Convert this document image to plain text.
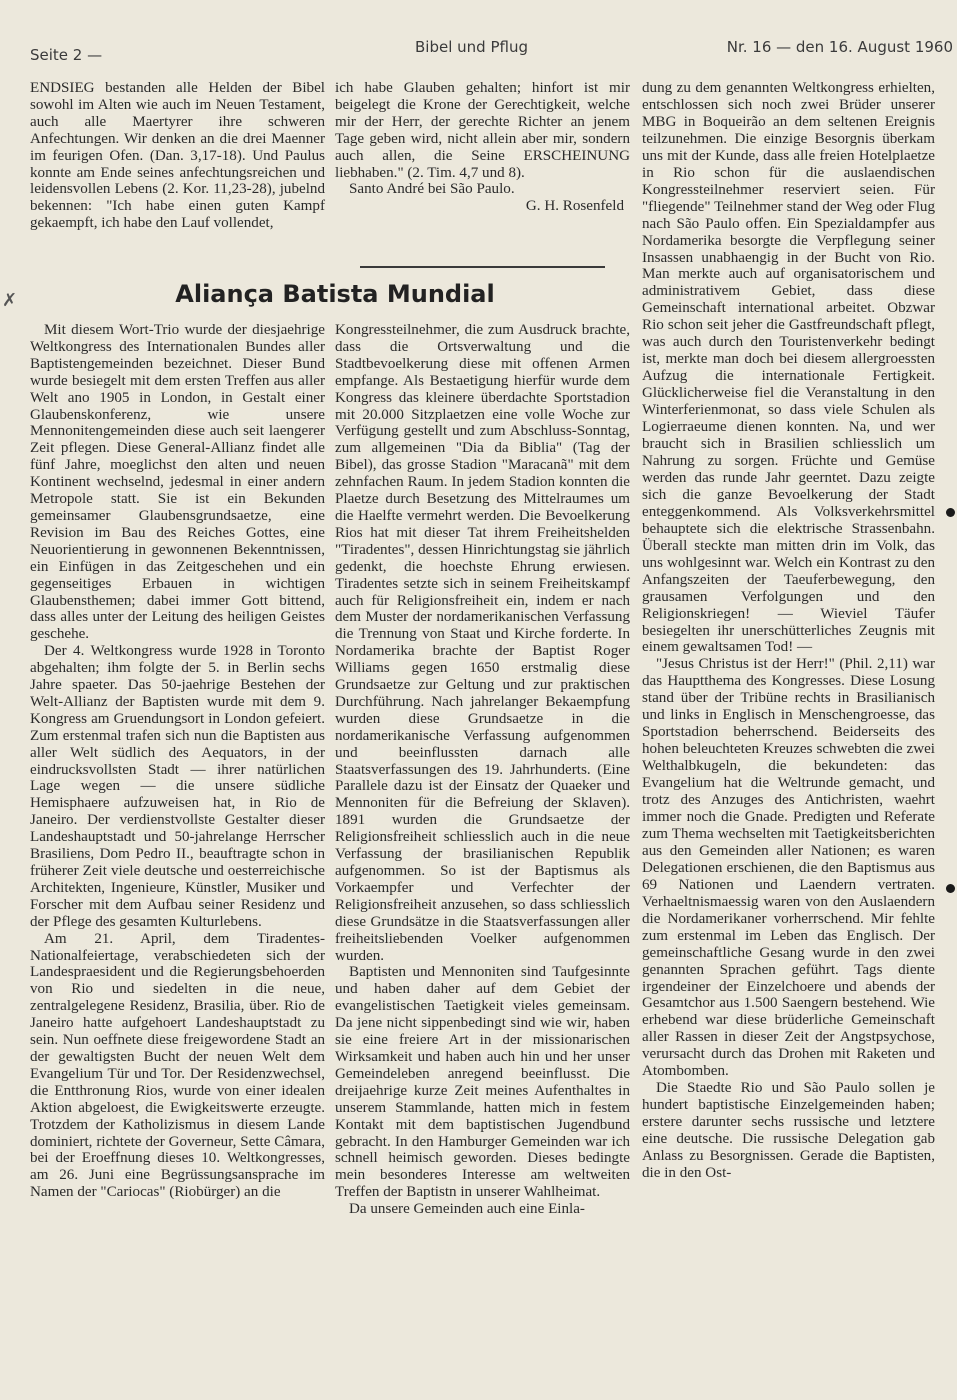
Seite 2 —	Bibel und Pflug	Nr. 16 — den 16. August 1960

ENDSIEG bestanden alle Helden der Bibel sowohl im Alten wie auch im Neuen Testament, auch alle Maertyrer ihre schweren Anfechtungen. Wir denken an die drei Maenner im feurigen Ofen. (Dan. 3,17-18). Und Paulus konnte am Ende seines anfechtungsreichen und leidensvollen Lebens (2. Kor. 11,23-28), jubelnd bekennen: "Ich habe einen guten Kampf gekaempft, ich habe den Lauf vollendet,

ich habe Glauben gehalten; hinfort ist mir beigelegt die Krone der Gerechtigkeit, welche mir der Herr, der gerechte Richter an jenem Tage geben wird, nicht allein aber mir, sondern auch allen, die Seine ERSCHEINUNG liebhaben." (2. Tim. 4,7 und 8).

Santo André bei São Paulo.

G. H. Rosenfeld

✗	Aliança Batista Mundial

Mit diesem Wort-Trio wurde der diesjaehrige Weltkongress des Internationalen Bundes aller Baptistengemeinden bezeichnet. Dieser Bund wurde besiegelt mit dem ersten Treffen aus aller Welt ano 1905 in London, in Gestalt einer Glaubenskonferenz, wie unsere Mennonitengemeinden diese auch seit laengerer Zeit pflegen. Diese General-Allianz findet alle fünf Jahre, moeglichst den alten und neuen Kontinent wechselnd, jedesmal in einer andern Metropole statt. Sie ist ein Bekunden gemeinsamer Glaubensgrundsaetze, eine Revision im Bau des Reiches Gottes, eine Neuorientierung in gewonnenen Bekenntnissen, ein Einfügen in das Zeitgeschehen und ein gegenseitiges Erbauen in wichtigen Glaubensthemen; dabei immer Gott bittend, dass alles unter der Leitung des heiligen Geistes geschehe.

Der 4. Weltkongress wurde 1928 in Toronto abgehalten; ihm folgte der 5. in Berlin sechs Jahre spaeter. Das 50-jaehrige Bestehen der Welt-Allianz der Baptisten wurde mit dem 9. Kongress am Gruendungsort in London gefeiert. Zum erstenmal trafen sich nun die Baptisten aus aller Welt südlich des Aequators, in der eindrucksvollsten Stadt — ihrer natürlichen Lage wegen — die unsere südliche Hemisphaere aufzuweisen hat, in Rio de Janeiro. Der verdienstvollste Gestalter dieser Landeshauptstadt und 50-jahrelange Herrscher Brasiliens, Dom Pedro II., beauftragte schon in früherer Zeit viele deutsche und oesterreichische Architekten, Ingenieure, Künstler, Musiker und Forscher mit dem Aufbau seiner Residenz und der Pflege des gesamten Kulturlebens.

Am 21. April, dem Tiradentes-Nationalfeiertage, verabschiedeten sich der Landespraesident und die Regierungsbehoerden von Rio und siedelten in die neue, zentralgelegene Residenz, Brasilia, über. Rio de Janeiro hatte aufgehoert Landeshauptstadt zu sein. Nun oeffnete diese freigewordene Stadt an der gewaltigsten Bucht der neuen Welt dem Evangelium Tür und Tor. Der Residenzwechsel, die Entthronung Rios, wurde von einer idealen Aktion abgeloest, die Ewigkeitswerte erzeugte. Trotzdem der Katholizismus in diesem Lande dominiert, richtete der Governeur, Sette Câmara, bei der Eroeffnung dieses 10. Weltkongresses, am 26. Juni eine Begrüssungsansprache im Namen der "Cariocas" (Riobürger) an die

Kongressteilnehmer, die zum Ausdruck brachte, dass die Ortsverwaltung und die Stadtbevoelkerung diese mit offenen Armen empfange. Als Bestaetigung hierfür wurde dem Kongress das kleinere überdachte Sportstadion mit 20.000 Sitzplaetzen eine volle Woche zur Verfügung gestellt und zum Abschluss-Sonntag, zum allgemeinen "Dia da Biblia" (Tag der Bibel), das grosse Stadion "Maracanã" mit dem zehnfachen Raum. In jedem Stadion konnten die Plaetze durch Besetzung des Mittelraumes um die Haelfte vermehrt werden. Die Bevoelkerung Rios hat mit dieser Tat ihrem Freiheitshelden "Tiradentes", dessen Hinrichtungstag sie jährlich gedenkt, die hoechste Ehrung erwiesen. Tiradentes setzte sich in seinem Freiheitskampf auch für Religionsfreiheit ein, indem er nach dem Muster der nordamerikanischen Verfassung die Trennung von Staat und Kirche forderte. In Nordamerika brachte der Baptist Roger Williams gegen 1650 erstmalig diese Grundsaetze zur Geltung und zur praktischen Durchführung. Nach jahrelanger Bekaempfung wurden diese Grundsaetze in die nordamerikanische Verfassung aufgenommen und beeinflussten darnach alle Staatsverfassungen des 19. Jahrhunderts. (Eine Parallele dazu ist der Einsatz der Quaeker und Mennoniten für die Befreiung der Sklaven). 1891 wurden die Grundsaetze der Religionsfreiheit schliesslich auch in die neue Verfassung der brasilianischen Republik aufgenommen. So ist der Baptismus als Vorkaempfer und Verfechter der Religionsfreiheit anzusehen, so dass schliesslich diese Grundsätze in die Staatsverfassungen aller freiheitsliebenden Voelker aufgenommen wurden.

Baptisten und Mennoniten sind Taufgesinnte und haben daher auf dem Gebiet der evangelistischen Taetigkeit vieles gemeinsam. Da jene nicht sippenbedingt sind wie wir, haben sie eine freiere Art in der missionarischen Wirksamkeit und haben auch hin und her unser Gemeindeleben anregend beeinflusst. Die dreijaehrige kurze Zeit meines Aufenthaltes in unserem Stammlande, hatten mich in festem Kontakt mit dem baptistischen Jugendbund gebracht. In den Hamburger Gemeinden war ich schnell heimisch geworden. Dieses bedingte mein besonderes Interesse am weltweiten Treffen der Baptistn in unserer Wahlheimat.

Da unsere Gemeinden auch eine Einla-

dung zu dem genannten Weltkongress erhielten, entschlossen sich noch zwei Brüder unserer MBG in Boqueirão an dem seltenen Ereignis teilzunehmen. Die einzige Besorgnis überkam uns mit der Kunde, dass alle freien Hotelplaetze in Rio schon für die auslaendischen Kongressteilnehmer reserviert seien. Für "fliegende" Teilnehmer stand der Weg oder Flug nach São Paulo offen. Ein Spezialdampfer aus Nordamerika besorgte die Verpflegung seiner Insassen unabhaengig in der Bucht von Rio. Man merkte auch auf organisatorischem und administrativem Gebiet, dass diese Gemeinschaft international arbeitet. Obzwar Rio schon seit jeher die Gastfreundschaft pflegt, was auch durch den Touristenverkehr bedingt ist, merkte man doch bei diesem allergroessten Aufzug die internationale Fertigkeit. Glücklicherweise fiel die Veranstaltung in den Winterferienmonat, so dass viele Schulen als Logierraeume dienen konnten. Na, und wer braucht sich in Brasilien schliesslich um Nahrung zu sorgen. Früchte und Gemüse werden das runde Jahr geerntet. Dazu zeigte sich die ganze Bevoelkerung der Stadt enteggenkommend. Als Volksverkehrsmittel behauptete sich die elektrische Strassenbahn. Überall steckte man mitten drin im Volk, das uns wohlgesinnt war. Welch ein Kontrast zu den Anfangszeiten der Taeuferbewegung, den grausamen Verfolgungen und den Religionskriegen! — Wieviel Täufer besiegelten ihr unerschütterliches Zeugnis mit einem gewaltsamen Tod! —

"Jesus Christus ist der Herr!" (Phil. 2,11) war das Hauptthema des Kongresses. Diese Losung stand über der Tribüne rechts in Brasilianisch und links in Englisch in Menschengroesse, das Sportstadion beherrschend. Beiderseits des hohen beleuchteten Kreuzes schwebten die zwei Welthalbkugeln, die bekundeten: das Evangelium hat die Weltrunde gemacht, und trotz des Anzuges des Antichristen, waehrt immer noch die Gnade. Predigten und Referate zum Thema wechselten mit Taetigkeitsberichten aus den Gemeinden aller Nationen; es waren Delegationen erschienen, die den Baptismus aus 69 Nationen und Laendern vertraten. Verhaeltnismaessig waren von den Auslaendern die Nordamerikaner vorherrschend. Mir fehlte zum erstenmal im Leben das Englisch. Der gemeinschaftliche Gesang wurde in den zwei genannten Sprachen geführt. Tags diente irgendeiner der Einzelchoere und abends der Gesamtchor aus 1.500 Saengern bestehend. Wie erhebend war diese brüderliche Gemeinschaft aller Rassen in dieser Zeit der Angstpsychose, verursacht durch das Drohen mit Raketen und Atombomben.

Die Staedte Rio und São Paulo sollen je hundert baptistische Einzelgemeinden haben; erstere darunter sechs russische und letztere eine deutsche. Die russische Delegation gab Anlass zu Besorgnissen. Gerade die Baptisten, die in den Ost-
